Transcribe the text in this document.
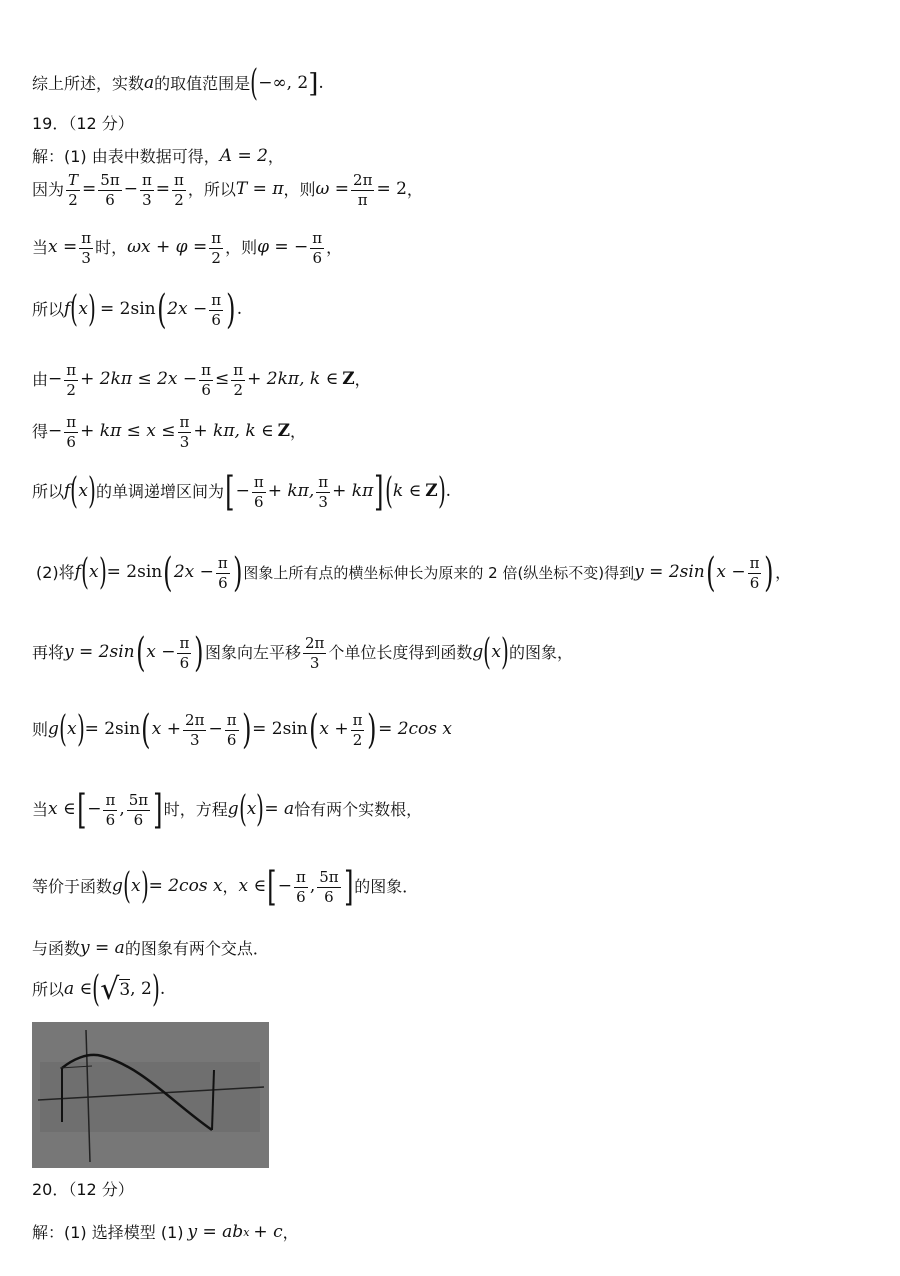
综上所述，实数 a 的取值范围是 ( −∞, 2 ] .
19．（12 分）
解：(1) 由表中数据可得， A = 2 ，
因为 $\frac{T}{2} = \frac{5\pi}{6} - \frac{\pi}{3} = \frac{\pi}{2}$ ，所以 T = π ，则 $\omega = \frac{2\pi}{\pi} = 2$ ，
当 $x = \frac{\pi}{3}$ 时， $\omega x + \varphi = \frac{\pi}{2}$ ，则 φ = − $\frac{\pi}{6}$ ，
所以 f ( x ) = 2sin ( $2x - \frac{\pi}{6}$ ) .
由 − $\frac{\pi}{2} + 2k\pi \le 2x - \frac{\pi}{6} \le \frac{\pi}{2} + 2k\pi$, k ∈ Z ，
得 − $\frac{\pi}{6} + k\pi \le x \le \frac{\pi}{3} + k\pi$, k ∈ Z ，
所以 f ( x ) 的单调递增区间为 [ − $\frac{\pi}{6} + k\pi$, $\frac{\pi}{3} + k\pi$ ] ( k ∈ Z ) .
(2)将 f ( x ) = 2sin ( $2x - \frac{\pi}{6}$ ) 图象上所有点的横坐标伸长为原来的 2 倍(纵坐标不变)得到 y = 2sin ( $x - \frac{\pi}{6}$ ) ，
再将 y = 2sin ( $x - \frac{\pi}{6}$ ) 图象向左平移 $\frac{2\pi}{3}$ 个单位长度得到函数 g ( x ) 的图象，
则 g ( x ) = 2sin ( $x + \frac{2\pi}{3} - \frac{\pi}{6}$ ) = 2sin ( $x + \frac{\pi}{2}$ ) = 2cos x
当 x ∈ [ − $\frac{\pi}{6}$ , $\frac{5\pi}{6}$ ] 时，方程 g ( x ) = a 恰有两个实数根，
等价于函数 g ( x ) = 2cos x ， x ∈ [ − $\frac{\pi}{6}$ , $\frac{5\pi}{6}$ ] 的图象．
与函数 y = a 的图象有两个交点．
所以 a ∈ ( √ 3 , 2 ) .
20．（12 分）
解：(1) 选择模型 (1) y = ab x + c ，
